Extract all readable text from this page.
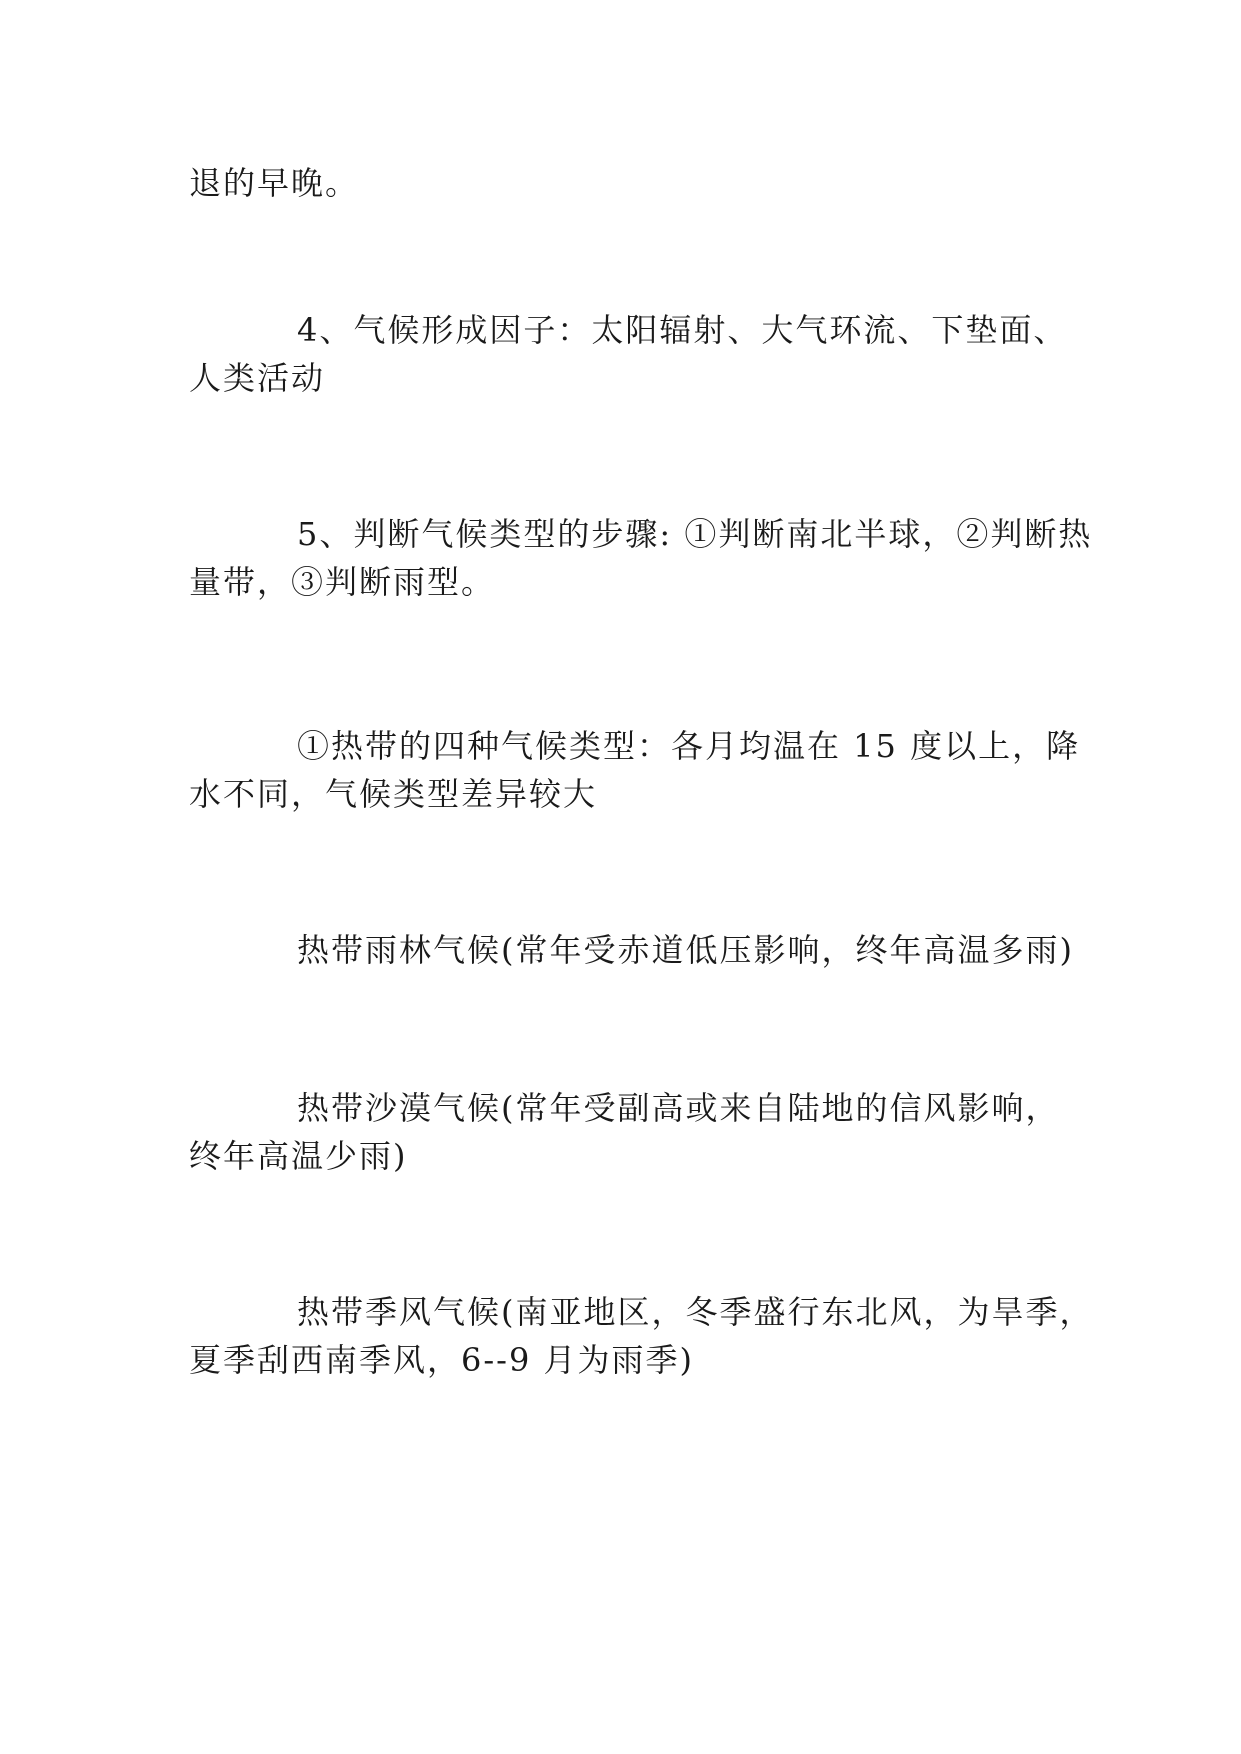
退的早晚。
4、气候形成因子：太阳辐射、大气环流、下垫面、
人类活动
5、判断气候类型的步骤: ①判断南北半球，②判断热
量带，③判断雨型。
①热带的四种气候类型：各月均温在 15 度以上，降
水不同，气候类型差异较大
热带雨林气候(常年受赤道低压影响，终年高温多雨)
热带沙漠气候(常年受副高或来自陆地的信风影响，
终年高温少雨)
热带季风气候(南亚地区，冬季盛行东北风，为旱季，
夏季刮西南季风，6--9 月为雨季)
